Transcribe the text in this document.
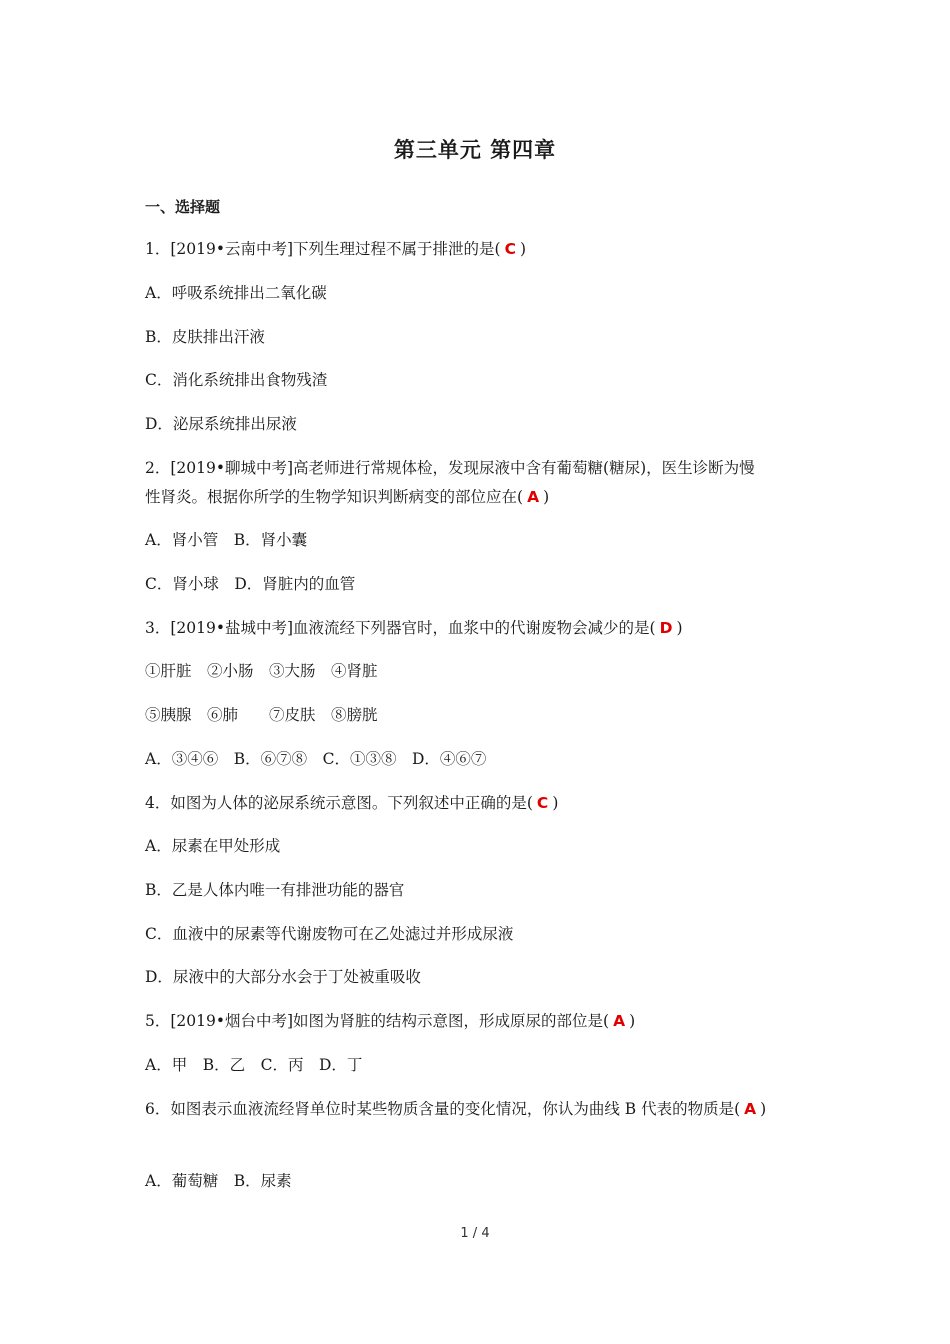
第三单元 第四章
一、选择题
1．[2019•云南中考]下列生理过程不属于排泄的是( C )
A．呼吸系统排出二氧化碳
B．皮肤排出汗液
C．消化系统排出食物残渣
D．泌尿系统排出尿液
2．[2019•聊城中考]高老师进行常规体检，发现尿液中含有葡萄糖(糖尿)，医生诊断为慢
性肾炎。根据你所学的生物学知识判断病变的部位应在( A )
A．肾小管　B．肾小囊
C．肾小球　D．肾脏内的血管
3．[2019•盐城中考]血液流经下列器官时，血浆中的代谢废物会减少的是( D )
①肝脏　②小肠　③大肠　④肾脏
⑤胰腺　⑥肺　　⑦皮肤　⑧膀胱
A．③④⑥　B．⑥⑦⑧　C．①③⑧　D．④⑥⑦
4．如图为人体的泌尿系统示意图。下列叙述中正确的是( C )
A．尿素在甲处形成
B．乙是人体内唯一有排泄功能的器官
C．血液中的尿素等代谢废物可在乙处滤过并形成尿液
D．尿液中的大部分水会于丁处被重吸收
5．[2019•烟台中考]如图为肾脏的结构示意图，形成原尿的部位是( A )
A．甲　B．乙　C．丙　D．丁
6．如图表示血液流经肾单位时某些物质含量的变化情况，你认为曲线 B 代表的物质是( A )
A．葡萄糖　B．尿素
1 / 4
